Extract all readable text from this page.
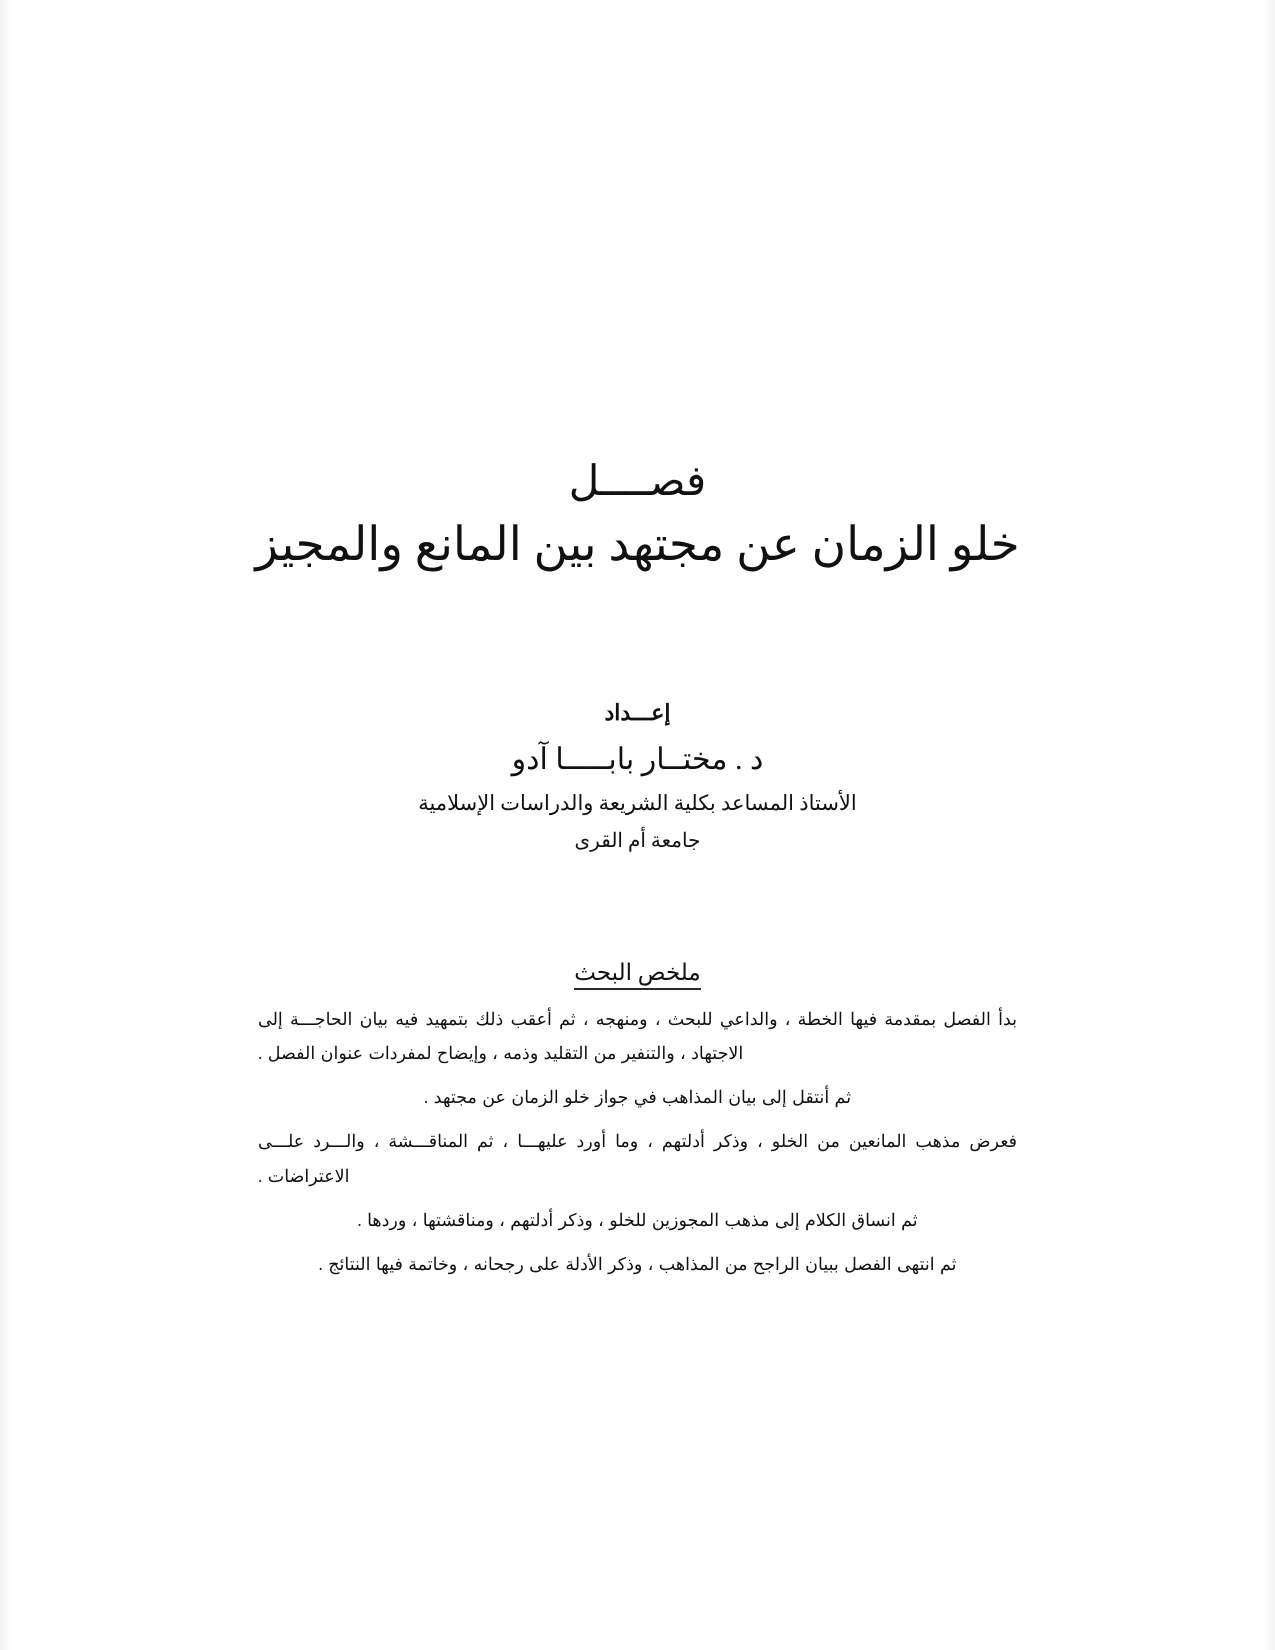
فصــــل
خلو الزمان عن مجتهد بين المانع والمجيز
إعـــداد
د . مختــار بابـــــا آدو
الأستاذ المساعد بكلية الشريعة والدراسات الإسلامية
جامعة أم القرى
ملخص البحث

بدأ الفصل بمقدمة فيها الخطة ، والداعي للبحث ، ومنهجه ، ثم أعقب ذلك بتمهيد فيه بيان الحاجـــة إلى الاجتهاد ، والتنفير من التقليد وذمه ، وإيضاح لمفردات عنوان الفصل .

ثم أنتقل إلى بيان المذاهب في جواز خلو الزمان عن مجتهد .

فعرض مذهب المانعين من الخلو ، وذكر أدلتهم ، وما أورد عليهـــا ، ثم المناقـــشة ، والـــرد علـــى الاعتراضات .

ثم انساق الكلام إلى مذهب المجوزين للخلو ، وذكر أدلتهم ، ومناقشتها ، وردها .

ثم انتهى الفصل ببيان الراجح من المذاهب ، وذكر الأدلة على رجحانه ، وخاتمة فيها النتائج .
